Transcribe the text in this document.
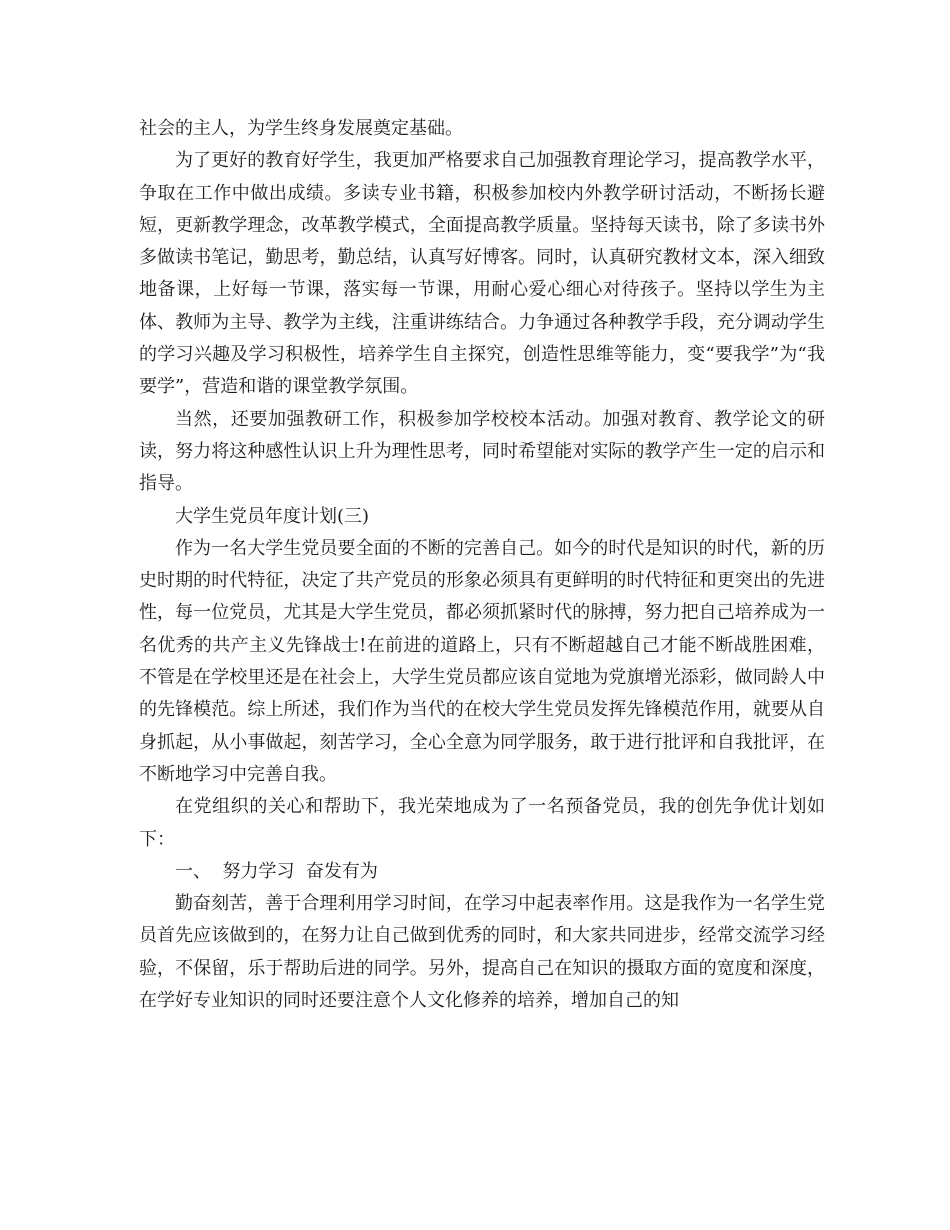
社会的主人，为学生终身发展奠定基础。

为了更好的教育好学生，我更加严格要求自己加强教育理论学习，提高教学水平，争取在工作中做出成绩。多读专业书籍，积极参加校内外教学研讨活动，不断扬长避短，更新教学理念，改革教学模式，全面提高教学质量。坚持每天读书，除了多读书外多做读书笔记，勤思考，勤总结，认真写好博客。同时，认真研究教材文本，深入细致地备课，上好每一节课，落实每一节课，用耐心爱心细心对待孩子。坚持以学生为主体、教师为主导、教学为主线，注重讲练结合。力争通过各种教学手段，充分调动学生的学习兴趣及学习积极性，培养学生自主探究，创造性思维等能力，变“要我学”为“我要学”，营造和谐的课堂教学氛围。

当然，还要加强教研工作，积极参加学校校本活动。加强对教育、教学论文的研读，努力将这种感性认识上升为理性思考，同时希望能对实际的教学产生一定的启示和指导。

大学生党员年度计划(三)

作为一名大学生党员要全面的不断的完善自己。如今的时代是知识的时代，新的历史时期的时代特征，决定了共产党员的形象必须具有更鲜明的时代特征和更突出的先进性，每一位党员，尤其是大学生党员，都必须抓紧时代的脉搏，努力把自己培养成为一名优秀的共产主义先锋战士!在前进的道路上，只有不断超越自己才能不断战胜困难，不管是在学校里还是在社会上，大学生党员都应该自觉地为党旗增光添彩，做同龄人中的先锋模范。综上所述，我们作为当代的在校大学生党员发挥先锋模范作用，就要从自身抓起，从小事做起，刻苦学习，全心全意为同学服务，敢于进行批评和自我批评，在不断地学习中完善自我。

在党组织的关心和帮助下，我光荣地成为了一名预备党员，我的创先争优计划如下：

一、  努力学习  奋发有为

勤奋刻苦，善于合理利用学习时间，在学习中起表率作用。这是我作为一名学生党员首先应该做到的，在努力让自己做到优秀的同时，和大家共同进步，经常交流学习经验，不保留，乐于帮助后进的同学。另外，提高自己在知识的摄取方面的宽度和深度，在学好专业知识的同时还要注意个人文化修养的培养，增加自己的知
